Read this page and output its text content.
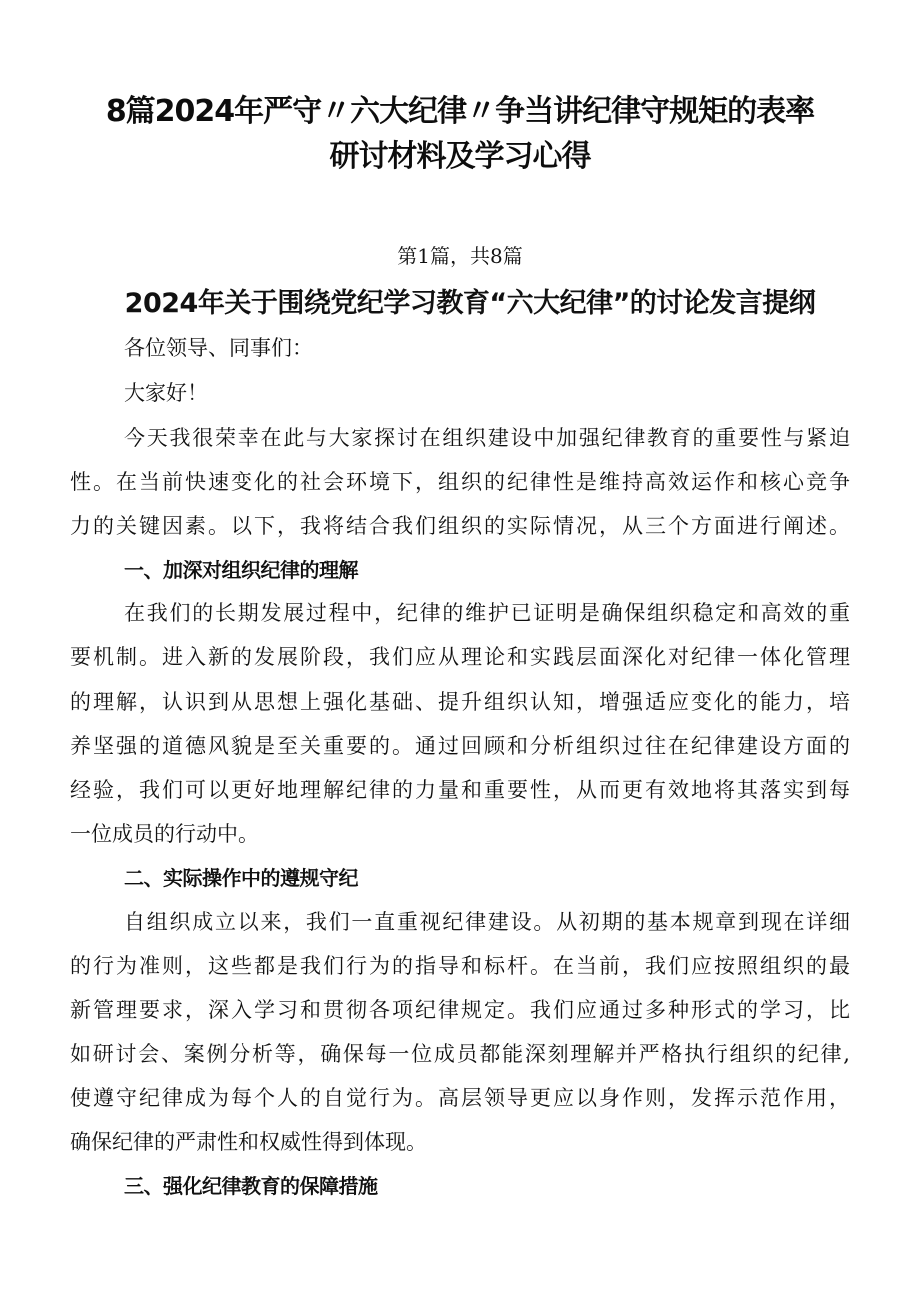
8篇2024年严守〃六大纪律〃争当讲纪律守规矩的表率
研讨材料及学习心得

第1篇，共8篇

2024年关于围绕党纪学习教育“六大纪律”的讨论发言提纲

各位领导、同事们：

大家好！

今天我很荣幸在此与大家探讨在组织建设中加强纪律教育的重要性与紧迫

性。在当前快速变化的社会环境下，组织的纪律性是维持高效运作和核心竞争

力的关键因素。以下，我将结合我们组织的实际情况，从三个方面进行阐述。

一、加深对组织纪律的理解

在我们的长期发展过程中，纪律的维护已证明是确保组织稳定和高效的重

要机制。进入新的发展阶段，我们应从理论和实践层面深化对纪律一体化管理

的理解，认识到从思想上强化基础、提升组织认知，增强适应变化的能力，培

养坚强的道德风貌是至关重要的。通过回顾和分析组织过往在纪律建设方面的

经验，我们可以更好地理解纪律的力量和重要性，从而更有效地将其落实到每

一位成员的行动中。

二、实际操作中的遵规守纪

自组织成立以来，我们一直重视纪律建设。从初期的基本规章到现在详细

的行为准则，这些都是我们行为的指导和标杆。在当前，我们应按照组织的最

新管理要求，深入学习和贯彻各项纪律规定。我们应通过多种形式的学习，比

如研讨会、案例分析等，确保每一位成员都能深刻理解并严格执行组织的纪律,

使遵守纪律成为每个人的自觉行为。高层领导更应以身作则，发挥示范作用，

确保纪律的严肃性和权威性得到体现。

三、强化纪律教育的保障措施
